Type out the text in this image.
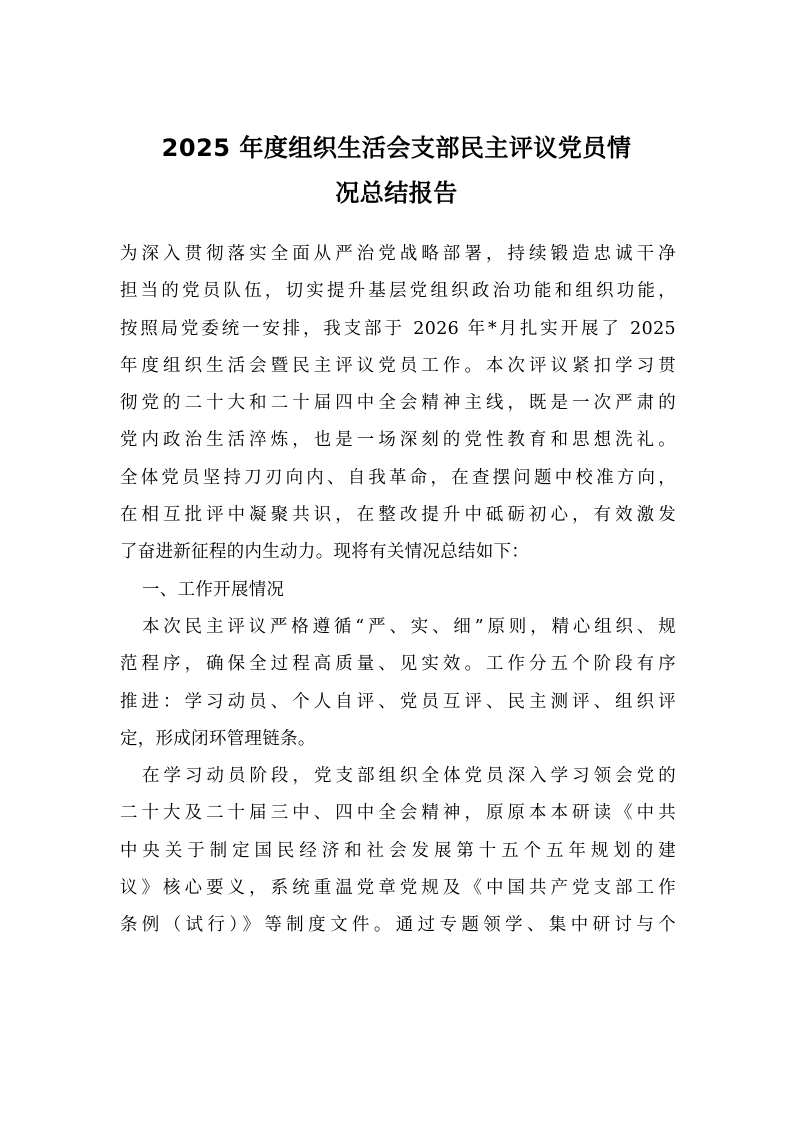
2025 年度组织生活会支部民主评议党员情
况总结报告
为深入贯彻落实全面从严治党战略部署，持续锻造忠诚干净
担当的党员队伍，切实提升基层党组织政治功能和组织功能，
按照局党委统一安排，我支部于 2026 年*月扎实开展了 2025
年度组织生活会暨民主评议党员工作。本次评议紧扣学习贯
彻党的二十大和二十届四中全会精神主线，既是一次严肃的
党内政治生活淬炼，也是一场深刻的党性教育和思想洗礼。
全体党员坚持刀刃向内、自我革命，在查摆问题中校准方向，
在相互批评中凝聚共识，在整改提升中砥砺初心，有效激发
了奋进新征程的内生动力。现将有关情况总结如下：
一、工作开展情况
本次民主评议严格遵循“严、实、细”原则，精心组织、规
范程序，确保全过程高质量、见实效。工作分五个阶段有序
推进：学习动员、个人自评、党员互评、民主测评、组织评
定，形成闭环管理链条。
在学习动员阶段，党支部组织全体党员深入学习领会党的
二十大及二十届三中、四中全会精神，原原本本研读《中共
中央关于制定国民经济和社会发展第十五个五年规划的建
议》核心要义，系统重温党章党规及《中国共产党支部工作
条例（试行）》等制度文件。通过专题领学、集中研讨与个
